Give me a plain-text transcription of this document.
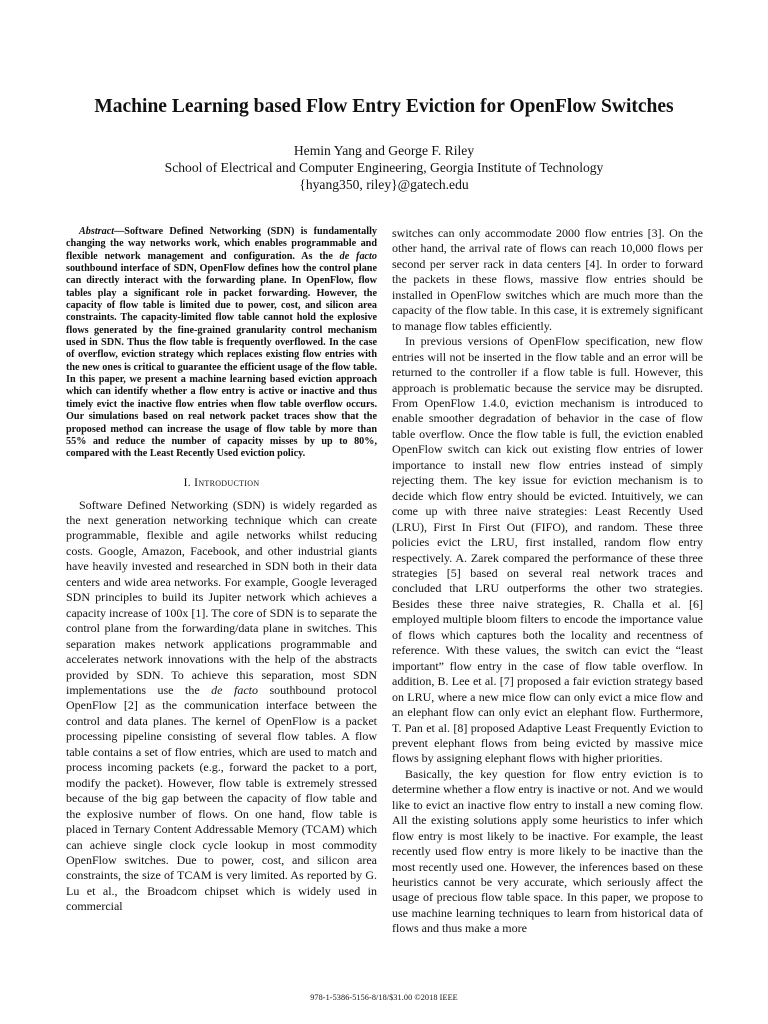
Machine Learning based Flow Entry Eviction for OpenFlow Switches
Hemin Yang and George F. Riley
School of Electrical and Computer Engineering, Georgia Institute of Technology
{hyang350, riley}@gatech.edu

Abstract—Software Defined Networking (SDN) is fundamentally changing the way networks work, which enables programmable and flexible network management and configuration. As the de facto southbound interface of SDN, OpenFlow defines how the control plane can directly interact with the forwarding plane. In OpenFlow, flow tables play a significant role in packet forwarding. However, the capacity of flow table is limited due to power, cost, and silicon area constraints. The capacity-limited flow table cannot hold the explosive flows generated by the fine-grained granularity control mechanism used in SDN. Thus the flow table is frequently overflowed. In the case of overflow, eviction strategy which replaces existing flow entries with the new ones is critical to guarantee the efficient usage of the flow table. In this paper, we present a machine learning based eviction approach which can identify whether a flow entry is active or inactive and thus timely evict the inactive flow entries when flow table overflow occurs. Our simulations based on real network packet traces show that the proposed method can increase the usage of flow table by more than 55% and reduce the number of capacity misses by up to 80%, compared with the Least Recently Used eviction policy.

I. Introduction

Software Defined Networking (SDN) is widely regarded as the next generation networking technique which can create programmable, flexible and agile networks whilst reducing costs. Google, Amazon, Facebook, and other industrial giants have heavily invested and researched in SDN both in their data centers and wide area networks. For example, Google leveraged SDN principles to build its Jupiter network which achieves a capacity increase of 100x [1]. The core of SDN is to separate the control plane from the forwarding/data plane in switches. This separation makes network applications programmable and accelerates network innovations with the help of the abstracts provided by SDN. To achieve this separation, most SDN implementations use the de facto southbound protocol OpenFlow [2] as the communication interface between the control and data planes. The kernel of OpenFlow is a packet processing pipeline consisting of several flow tables. A flow table contains a set of flow entries, which are used to match and process incoming packets (e.g., forward the packet to a port, modify the packet). However, flow table is extremely stressed because of the big gap between the capacity of flow table and the explosive number of flows. On one hand, flow table is placed in Ternary Content Addressable Memory (TCAM) which can achieve single clock cycle lookup in most commodity OpenFlow switches. Due to power, cost, and silicon area constraints, the size of TCAM is very limited. As reported by G. Lu et al., the Broadcom chipset which is widely used in commercial

switches can only accommodate 2000 flow entries [3]. On the other hand, the arrival rate of flows can reach 10,000 flows per second per server rack in data centers [4]. In order to forward the packets in these flows, massive flow entries should be installed in OpenFlow switches which are much more than the capacity of the flow table. In this case, it is extremely significant to manage flow tables efficiently.

In previous versions of OpenFlow specification, new flow entries will not be inserted in the flow table and an error will be returned to the controller if a flow table is full. However, this approach is problematic because the service may be disrupted. From OpenFlow 1.4.0, eviction mechanism is introduced to enable smoother degradation of behavior in the case of flow table overflow. Once the flow table is full, the eviction enabled OpenFlow switch can kick out existing flow entries of lower importance to install new flow entries instead of simply rejecting them. The key issue for eviction mechanism is to decide which flow entry should be evicted. Intuitively, we can come up with three naive strategies: Least Recently Used (LRU), First In First Out (FIFO), and random. These three policies evict the LRU, first installed, random flow entry respectively. A. Zarek compared the performance of these three strategies [5] based on several real network traces and concluded that LRU outperforms the other two strategies. Besides these three naive strategies, R. Challa et al. [6] employed multiple bloom filters to encode the importance value of flows which captures both the locality and recentness of reference. With these values, the switch can evict the “least important” flow entry in the case of flow table overflow. In addition, B. Lee et al. [7] proposed a fair eviction strategy based on LRU, where a new mice flow can only evict a mice flow and an elephant flow can only evict an elephant flow. Furthermore, T. Pan et al. [8] proposed Adaptive Least Frequently Eviction to prevent elephant flows from being evicted by massive mice flows by assigning elephant flows with higher priorities.

Basically, the key question for flow entry eviction is to determine whether a flow entry is inactive or not. And we would like to evict an inactive flow entry to install a new coming flow. All the existing solutions apply some heuristics to infer which flow entry is most likely to be inactive. For example, the least recently used flow entry is more likely to be inactive than the most recently used one. However, the inferences based on these heuristics cannot be very accurate, which seriously affect the usage of precious flow table space. In this paper, we propose to use machine learning techniques to learn from historical data of flows and thus make a more

978-1-5386-5156-8/18/$31.00 ©2018 IEEE
